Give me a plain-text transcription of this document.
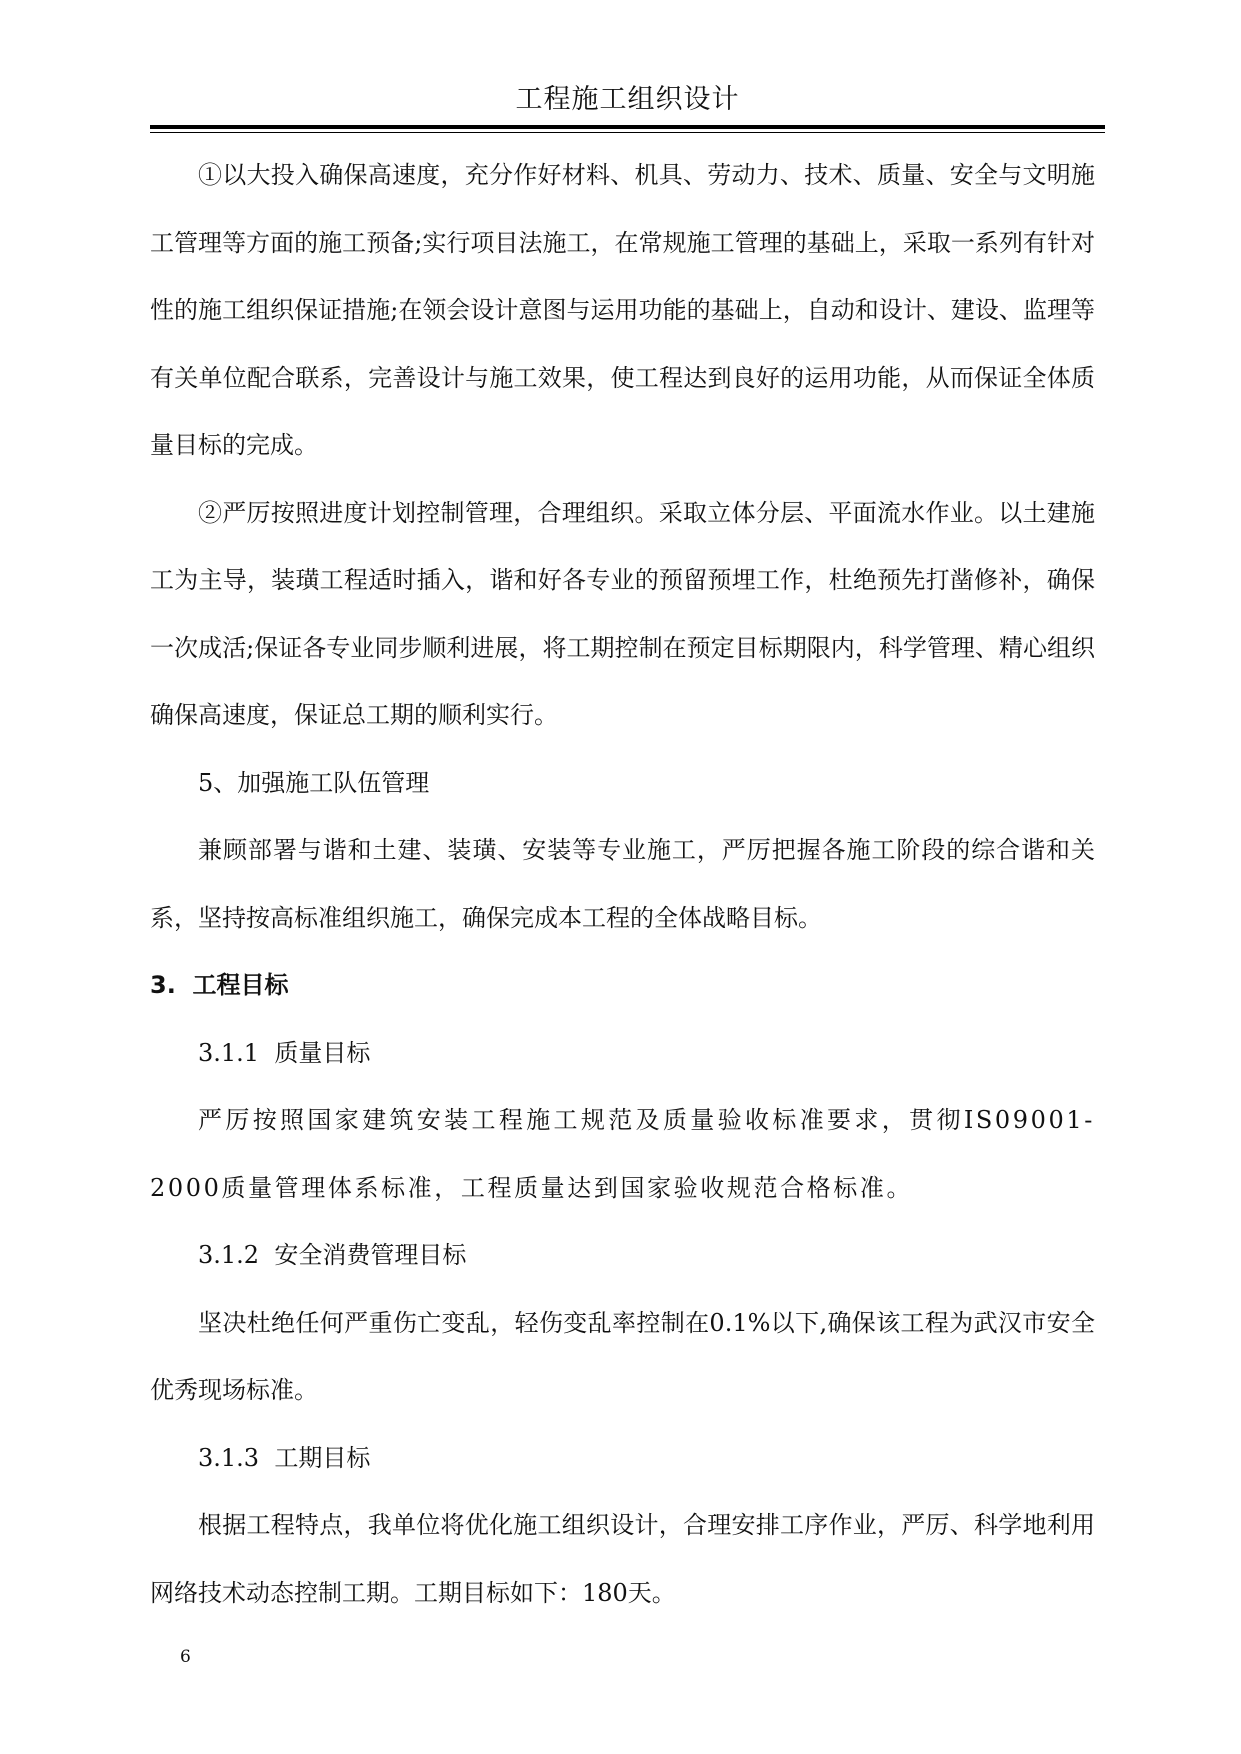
工程施工组织设计

①以大投入确保高速度，充分作好材料、机具、劳动力、技术、质量、安全与文明施工管理等方面的施工预备;实行项目法施工，在常规施工管理的基础上，采取一系列有针对性的施工组织保证措施;在领会设计意图与运用功能的基础上，自动和设计、建设、监理等有关单位配合联系，完善设计与施工效果，使工程达到良好的运用功能，从而保证全体质量目标的完成。

②严厉按照进度计划控制管理，合理组织。采取立体分层、平面流水作业。以土建施工为主导，装璜工程适时插入，谐和好各专业的预留预埋工作，杜绝预先打凿修补，确保一次成活;保证各专业同步顺利进展，将工期控制在预定目标期限内，科学管理、精心组织确保高速度，保证总工期的顺利实行。

5、加强施工队伍管理

兼顾部署与谐和土建、装璜、安装等专业施工，严厉把握各施工阶段的综合谐和关系，坚持按高标准组织施工，确保完成本工程的全体战略目标。

3.  工程目标

3.1.1  质量目标

严厉按照国家建筑安装工程施工规范及质量验收标准要求，贯彻IS09001-2000质量管理体系标准，工程质量达到国家验收规范合格标准。

3.1.2  安全消费管理目标

坚决杜绝任何严重伤亡变乱，轻伤变乱率控制在0.1%以下,确保该工程为武汉市安全优秀现场标准。

3.1.3  工期目标

根据工程特点，我单位将优化施工组织设计，合理安排工序作业，严厉、科学地利用网络技术动态控制工期。工期目标如下：180天。

6
